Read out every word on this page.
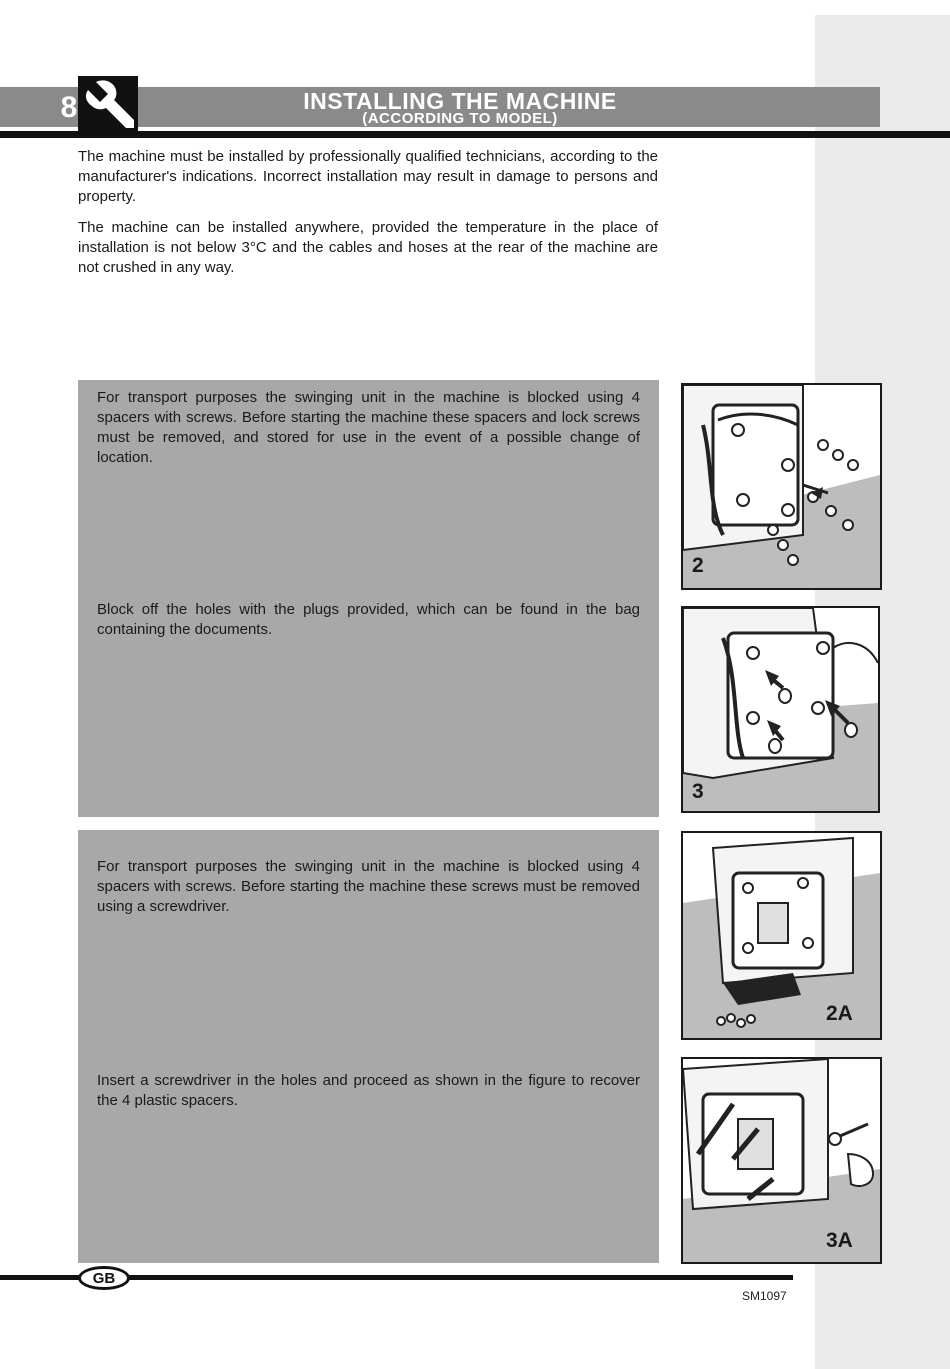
8	INSTALLING THE MACHINE
(ACCORDING TO MODEL)

The machine must be installed by professionally qualified technicians, according to the manufacturer's indications. Incorrect installation may result in damage to persons and property.

The machine can be installed anywhere, provided the temperature in the place of installation is not below 3°C and the cables and hoses at the rear of the machine are not crushed in any way.

For transport purposes the swinging unit in the machine is blocked using 4 spacers with screws. Before starting the machine these spacers and lock screws must be removed, and stored for use in the event of a possible change of location.

Block off the holes with the plugs provided, which can be found in the bag containing the documents.

2
3

For transport purposes the swinging unit in the machine is blocked using 4 spacers with screws. Before starting the machine these screws must be removed using a screwdriver.

Insert a screwdriver in the holes and proceed as shown in the figure to recover the 4 plastic spacers.

2A
3A
GB
SM1097
